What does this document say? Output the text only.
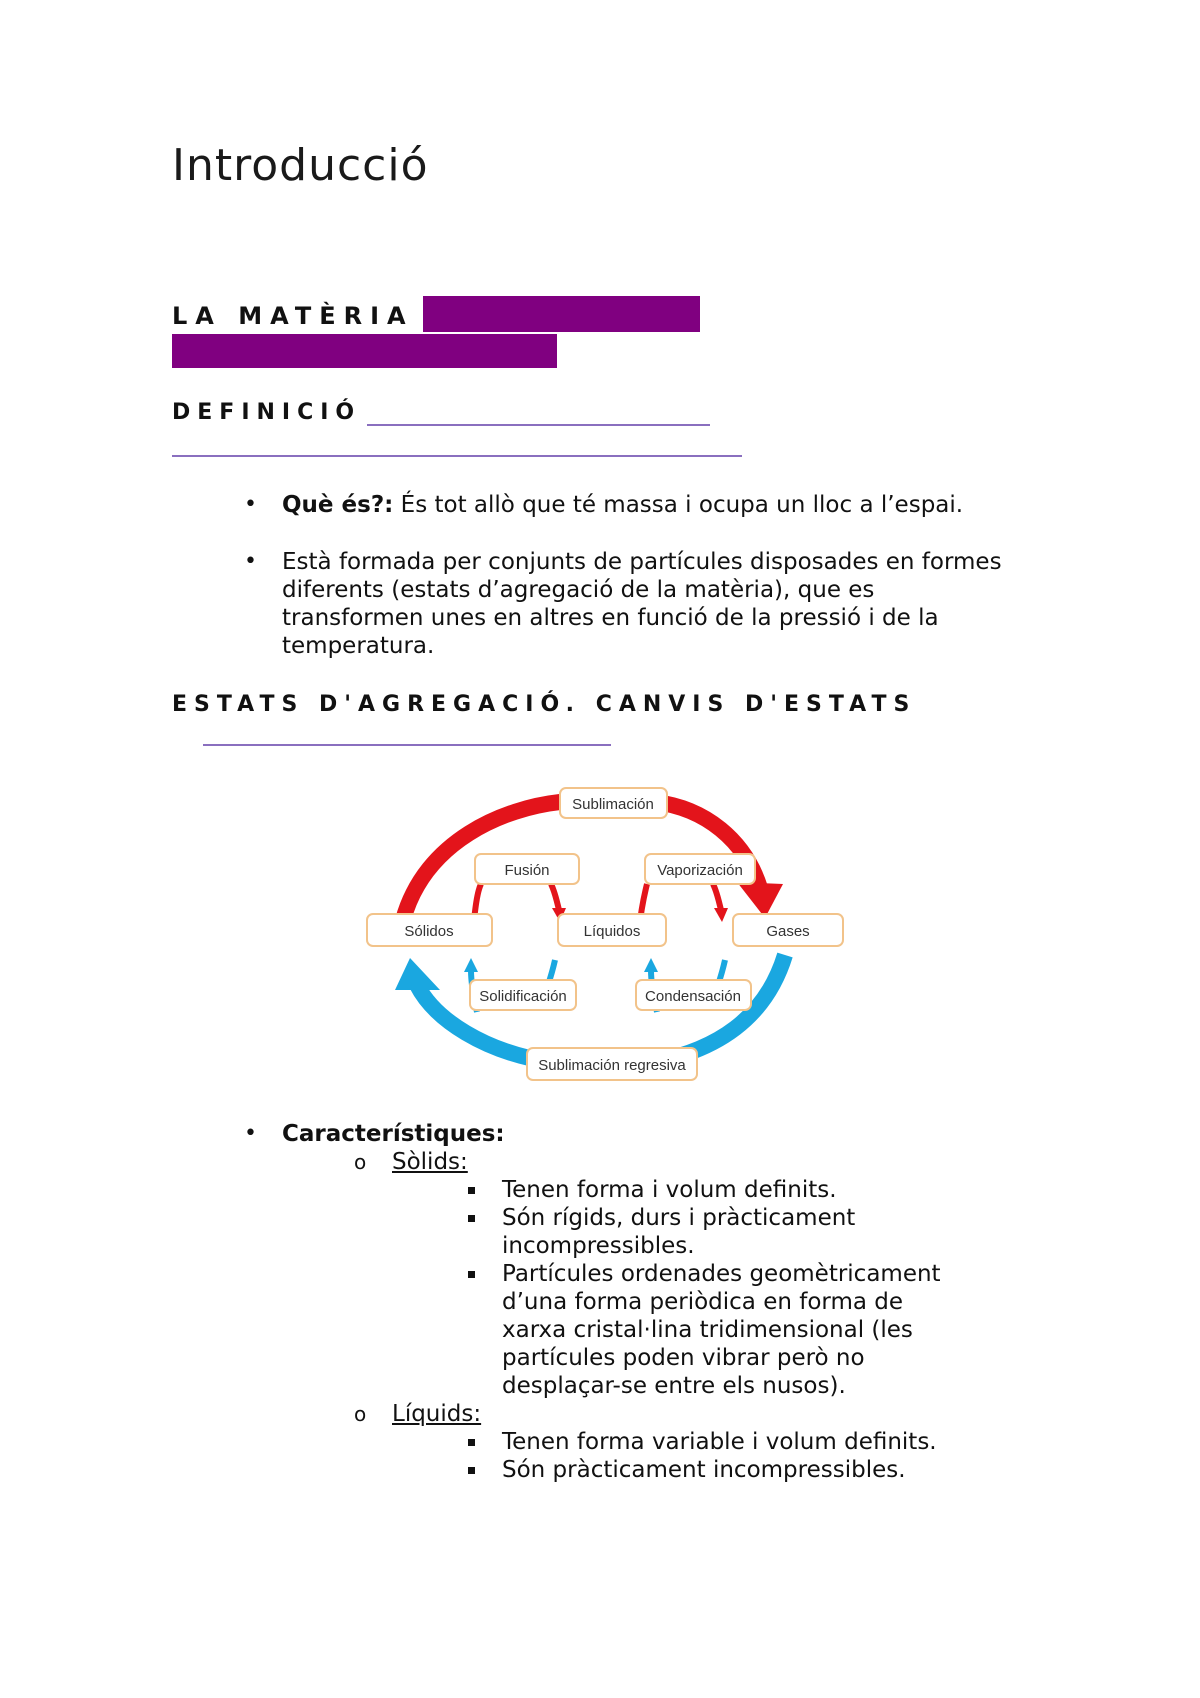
Introducció
LA MATÈRIA
DEFINICIÓ
• Què és?: És tot allò que té massa i ocupa un lloc a l’espai.
• Està formada per conjunts de partícules disposades en formes diferents (estats d’agregació de la matèria), que es transformen unes en altres en funció de la pressió i de la temperatura.
ESTATS D'AGREGACIÓ. CANVIS D'ESTATS
Sublimación
Fusión	Vaporización
Sólidos	Líquidos	Gases
Solidificación	Condensación
Sublimación regresiva
• Característiques:
o Sòlids:
Tenen forma i volum definits.
Són rígids, durs i pràcticament incompressibles.
Partícules ordenades geomètricament d’una forma periòdica en forma de xarxa cristal·lina tridimensional (les partícules poden vibrar però no desplaçar-se entre els nusos).
o Líquids:
Tenen forma variable i volum definits.
Són pràcticament incompressibles.
